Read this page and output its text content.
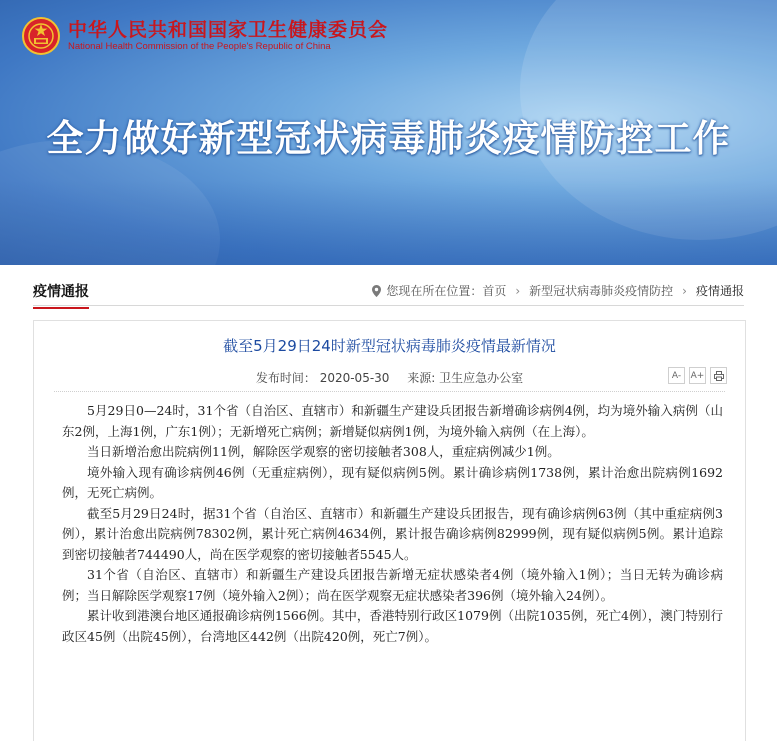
中华人民共和国国家卫生健康委员会
National Health Commission of the People's Republic of China
全力做好新型冠状病毒肺炎疫情防控工作
疫情通报	您现在所在位置： 首页 › 新型冠状病毒肺炎疫情防控 › 疫情通报
截至5月29日24时新型冠状病毒肺炎疫情最新情况
发布时间： 2020-05-30 来源: 卫生应急办公室	A-	A+

5月29日0—24时，31个省（自治区、直辖市）和新疆生产建设兵团报告新增确诊病例4例，均为境外输入病例（山东2例，上海1例，广东1例）；无新增死亡病例；新增疑似病例1例，为境外输入病例（在上海）。

当日新增治愈出院病例11例，解除医学观察的密切接触者308人，重症病例减少1例。

境外输入现有确诊病例46例（无重症病例），现有疑似病例5例。累计确诊病例1738例，累计治愈出院病例1692例，无死亡病例。

截至5月29日24时，据31个省（自治区、直辖市）和新疆生产建设兵团报告，现有确诊病例63例（其中重症病例3例），累计治愈出院病例78302例，累计死亡病例4634例，累计报告确诊病例82999例，现有疑似病例5例。累计追踪到密切接触者744490人，尚在医学观察的密切接触者5545人。

31个省（自治区、直辖市）和新疆生产建设兵团报告新增无症状感染者4例（境外输入1例）；当日无转为确诊病例；当日解除医学观察17例（境外输入2例）；尚在医学观察无症状感染者396例（境外输入24例）。

累计收到港澳台地区通报确诊病例1566例。其中，香港特别行政区1079例（出院1035例，死亡4例），澳门特别行政区45例（出院45例），台湾地区442例（出院420例，死亡7例）。
